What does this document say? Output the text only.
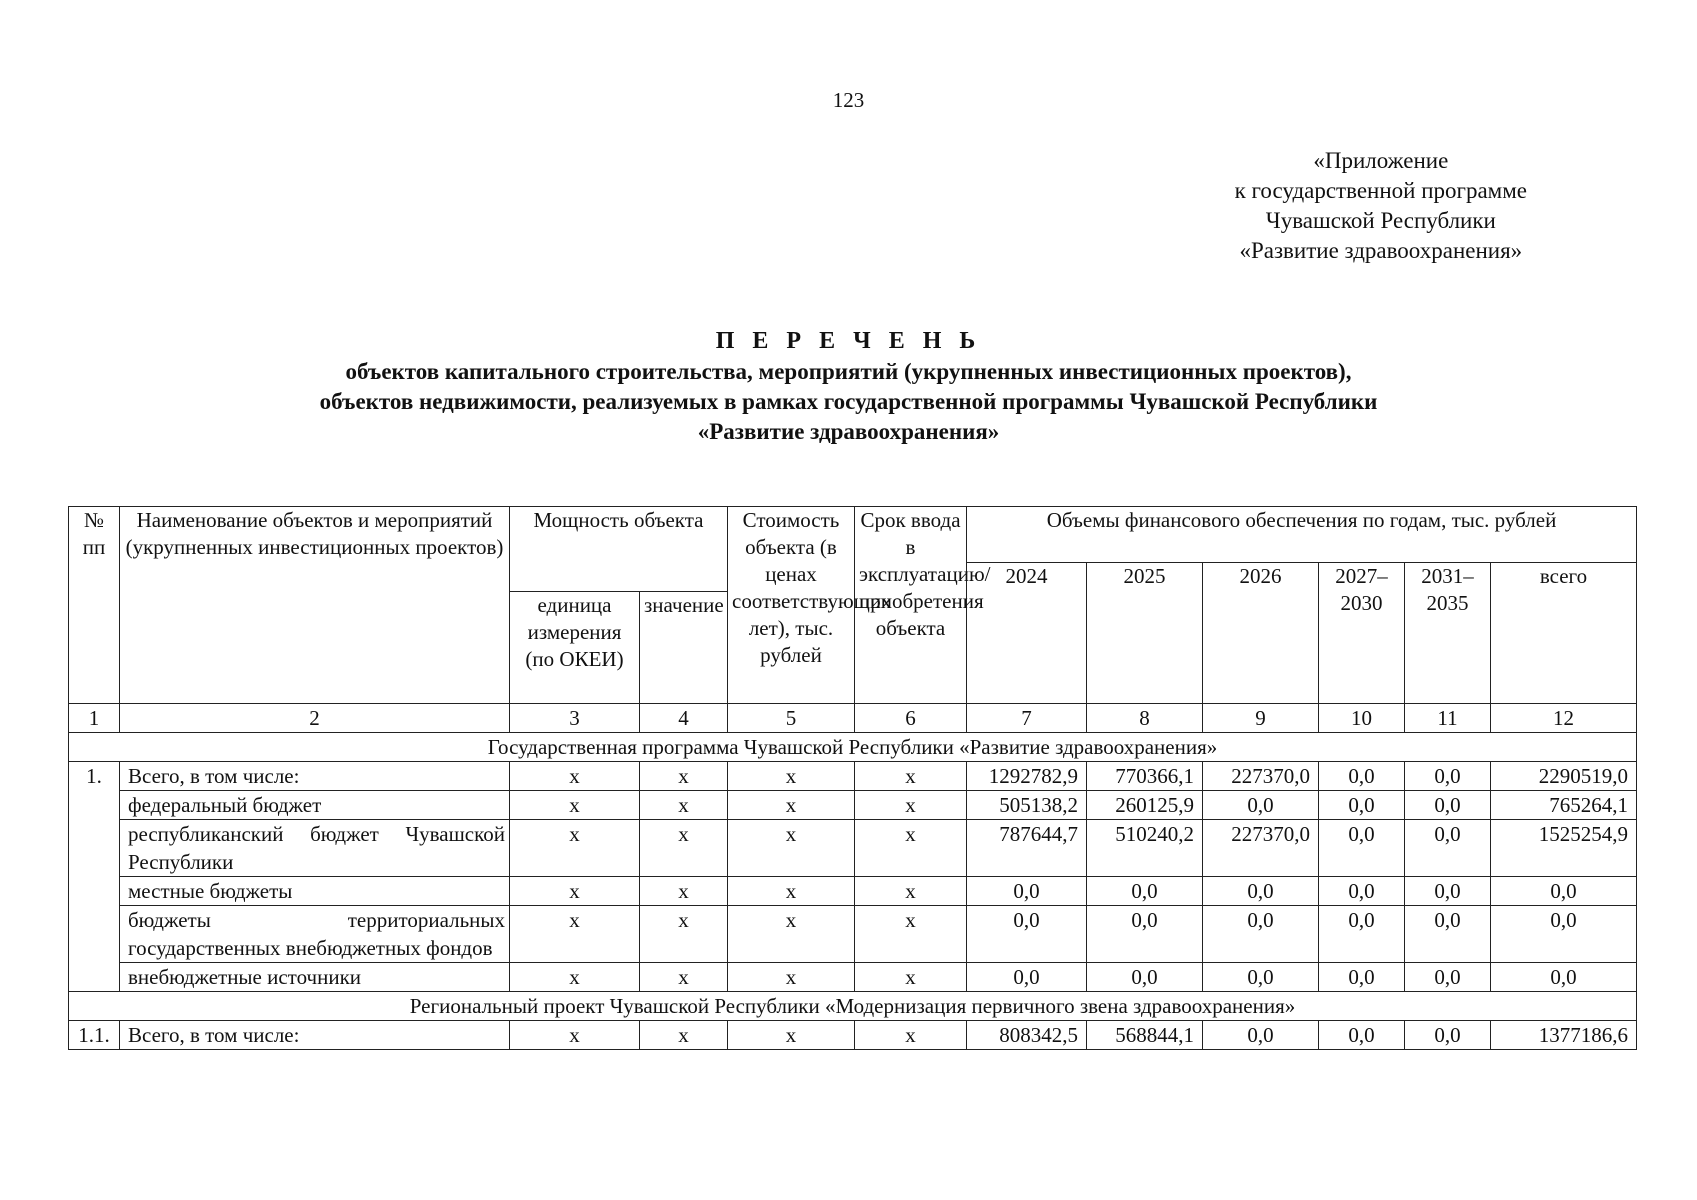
123
«Приложение
к государственной программе
Чувашской Республики
«Развитие здравоохранения»
П Е Р Е Ч Е Н Ь
объектов капитального строительства, мероприятий (укрупненных инвестиционных проектов),
объектов недвижимости, реализуемых в рамках государственной программы Чувашской Республики
«Развитие здравоохранения»
№ пп	Наименование объектов и мероприятий (укрупненных инвестиционных проектов)	Мощность объекта		Стоимость объекта (в ценах соответствующих лет), тыс. рублей	Срок ввода в эксплуатацию/ приобретения объекта	Объемы финансового обеспечения по годам, тыс. рублей					
						2024	2025	2026	2027–2030	2031–2035	всего
		единица измерения (по ОКЕИ)	значение								
1	2	3	4	5	6	7	8	9	10	11	12
Государственная программа Чувашской Республики «Развитие здравоохранения»											
1.	Всего, в том числе:	х	х	х	х	1292782,9	770366,1	227370,0	0,0	0,0	2290519,0
	федеральный бюджет	х	х	х	х	505138,2	260125,9	0,0	0,0	0,0	765264,1
	республиканский бюджет Чувашской Республики	х	х	х	х	787644,7	510240,2	227370,0	0,0	0,0	1525254,9
	местные бюджеты	х	х	х	х	0,0	0,0	0,0	0,0	0,0	0,0
	бюджеты территориальных государственных внебюджетных фондов	х	х	х	х	0,0	0,0	0,0	0,0	0,0	0,0
	внебюджетные источники	х	х	х	х	0,0	0,0	0,0	0,0	0,0	0,0
Региональный проект Чувашской Республики «Модернизация первичного звена здравоохранения»											
1.1.	Всего, в том числе:	х	х	х	х	808342,5	568844,1	0,0	0,0	0,0	1377186,6
